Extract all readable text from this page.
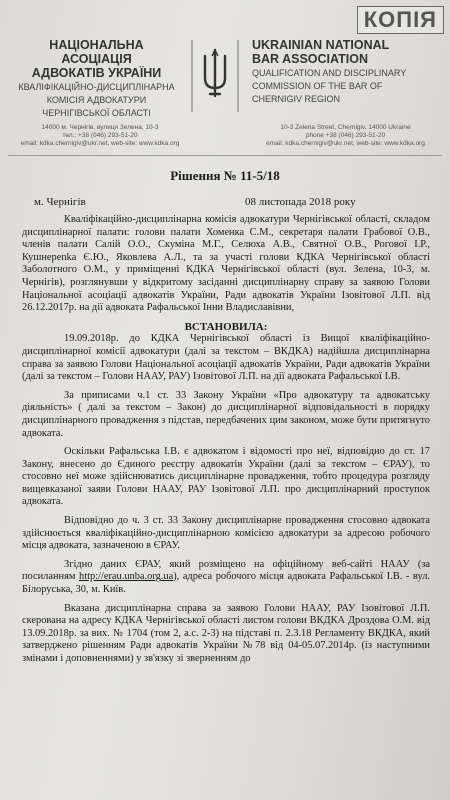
КОПІЯ
НАЦІОНАЛЬНА АСОЦІАЦІЯ
АДВОКАТІВ УКРАЇНИ
КВАЛІФІКАЦІЙНО-ДИСЦИПЛІНАРНА
КОМІСІЯ АДВОКАТУРИ
ЧЕРНІГІВСЬКОЇ ОБЛАСТІ
UKRAINIAN NATIONAL
BAR ASSOCIATION
QUALIFICATION AND DISCIPLINARY
COMMISSION OF THE BAR OF
CHERNIGIV REGION
14000 м. Чернігів, вулиця Зелена, 10-3
тел.: +38 (046) 293-51-20
email: kdka.chernigiv@ukr.net, web-site: www.kdka.org
10-3 Zelena Street, Chernigiv, 14000 Ukraine
phone +38 (046) 293-51-20
email: kdka.chernigiv@ukr.net, web-site: www.kdka.org
Рішення № 11-5/18
м. Чернігів	08 листопада 2018 року

Кваліфікаційно-дисциплінарна комісія адвокатури Чернігівської області, складом дисциплінарної палати: голови палати Хоменка С.М., секретаря палати Грабової О.В., членів палати Салій О.О., Скуміна М.Г., Селюха А.В., Святної О.В., Рогової І.Р., Кушнерenka Є.Ю., Яковлева А.Л., та за участі голови КДКА Чернігівської області Заболотного О.М., у приміщенні КДКА Чернігівської області (вул. Зелена, 10-3, м. Чернігів), розглянувши у відкритому засіданні дисциплінарну справу за заявою Голови Національної асоціації адвокатів України, Ради адвокатів України Ізовітової Л.П. від 26.12.2017р. на дії адвоката Рафальської Інни Владиславівни,

ВСТАНОВИЛА:

19.09.2018р. до КДКА Чернігівської області із Вищої кваліфікаційно-дисциплінарної комісії адвокатури (далі за текстом – ВКДКА) надійшла дисциплінарна справа за заявою Голови Національної асоціації адвокатів України, Ради адвокатів України (далі за текстом – Голови НААУ, РАУ) Ізовітової Л.П. на дії адвоката Рафальської І.В.

За приписами ч.1 ст. 33 Закону України «Про адвокатуру та адвокатську діяльність» ( далі за текстом – Закон) до дисциплінарної відповідальності в порядку дисциплінарного провадження з підстав, передбачених цим законом, може бути притягнуто адвоката.

Оскільки Рафальська І.В. є адвокатом і відомості про неї, відповідно до ст. 17 Закону, внесено до Єдиного реєстру адвокатів України (далі за текстом – ЄРАУ), то стосовно неї може здійснюватись дисциплінарне провадження, тобто процедура розгляду вищевказаної заяви Голови НААУ, РАУ Ізовітової Л.П. про дисциплінарний проступок адвоката.

Відповідно до ч. 3 ст. 33 Закону дисциплінарне провадження стосовно адвоката здійснюється кваліфікаційно-дисциплінарною комісією адвокатури за адресою робочого місця адвоката, зазначеною в ЄРАУ.

Згідно даних ЄРАУ, який розміщено на офіційному веб-сайті НААУ (за посиланням http://erau.unba.org.ua), адреса робочого місця адвоката Рафальської І.В. - вул. Білоруська, 30, м. Київ.

Вказана дисциплінарна справа за заявою Голови НААУ, РАУ Ізовітової Л.П. скерована на адресу КДКА Чернігівської області листом голови ВКДКА Дроздова О.М. від 13.09.2018р. за вих. № 1704 (том 2, а.с. 2-3) на підставі п. 2.3.18 Регламенту ВКДКА, який затверджено рішенням Ради адвокатів України №78 від 04-05.07.2014р. (із наступними змінами і доповненнями) у зв'язку зі зверненням до
